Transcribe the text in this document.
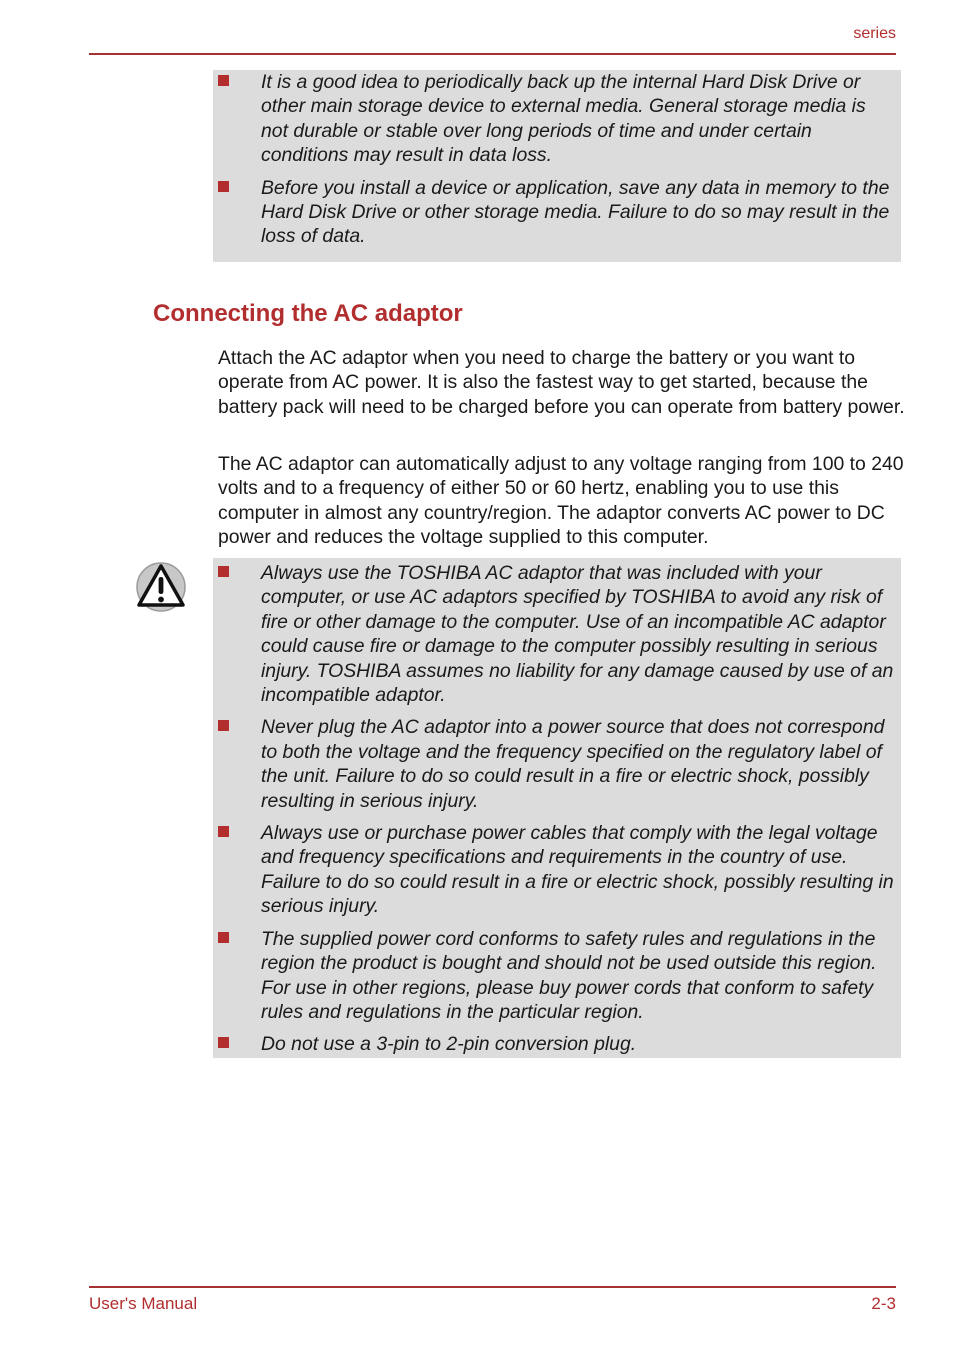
series
It is a good idea to periodically back up the internal Hard Disk Drive or other main storage device to external media. General storage media is not durable or stable over long periods of time and under certain conditions may result in data loss.
Before you install a device or application, save any data in memory to the Hard Disk Drive or other storage media. Failure to do so may result in the loss of data.
Connecting the AC adaptor

Attach the AC adaptor when you need to charge the battery or you want to operate from AC power. It is also the fastest way to get started, because the battery pack will need to be charged before you can operate from battery power.

The AC adaptor can automatically adjust to any voltage ranging from 100 to 240 volts and to a frequency of either 50 or 60 hertz, enabling you to use this computer in almost any country/region. The adaptor converts AC power to DC power and reduces the voltage supplied to this computer.

Always use the TOSHIBA AC adaptor that was included with your computer, or use AC adaptors specified by TOSHIBA to avoid any risk of fire or other damage to the computer. Use of an incompatible AC adaptor could cause fire or damage to the computer possibly resulting in serious injury. TOSHIBA assumes no liability for any damage caused by use of an incompatible adaptor.
Never plug the AC adaptor into a power source that does not correspond to both the voltage and the frequency specified on the regulatory label of the unit. Failure to do so could result in a fire or electric shock, possibly resulting in serious injury.
Always use or purchase power cables that comply with the legal voltage and frequency specifications and requirements in the country of use. Failure to do so could result in a fire or electric shock, possibly resulting in serious injury.
The supplied power cord conforms to safety rules and regulations in the region the product is bought and should not be used outside this region. For use in other regions, please buy power cords that conform to safety rules and regulations in the particular region.
Do not use a 3-pin to 2-pin conversion plug.
User's Manual	2-3
